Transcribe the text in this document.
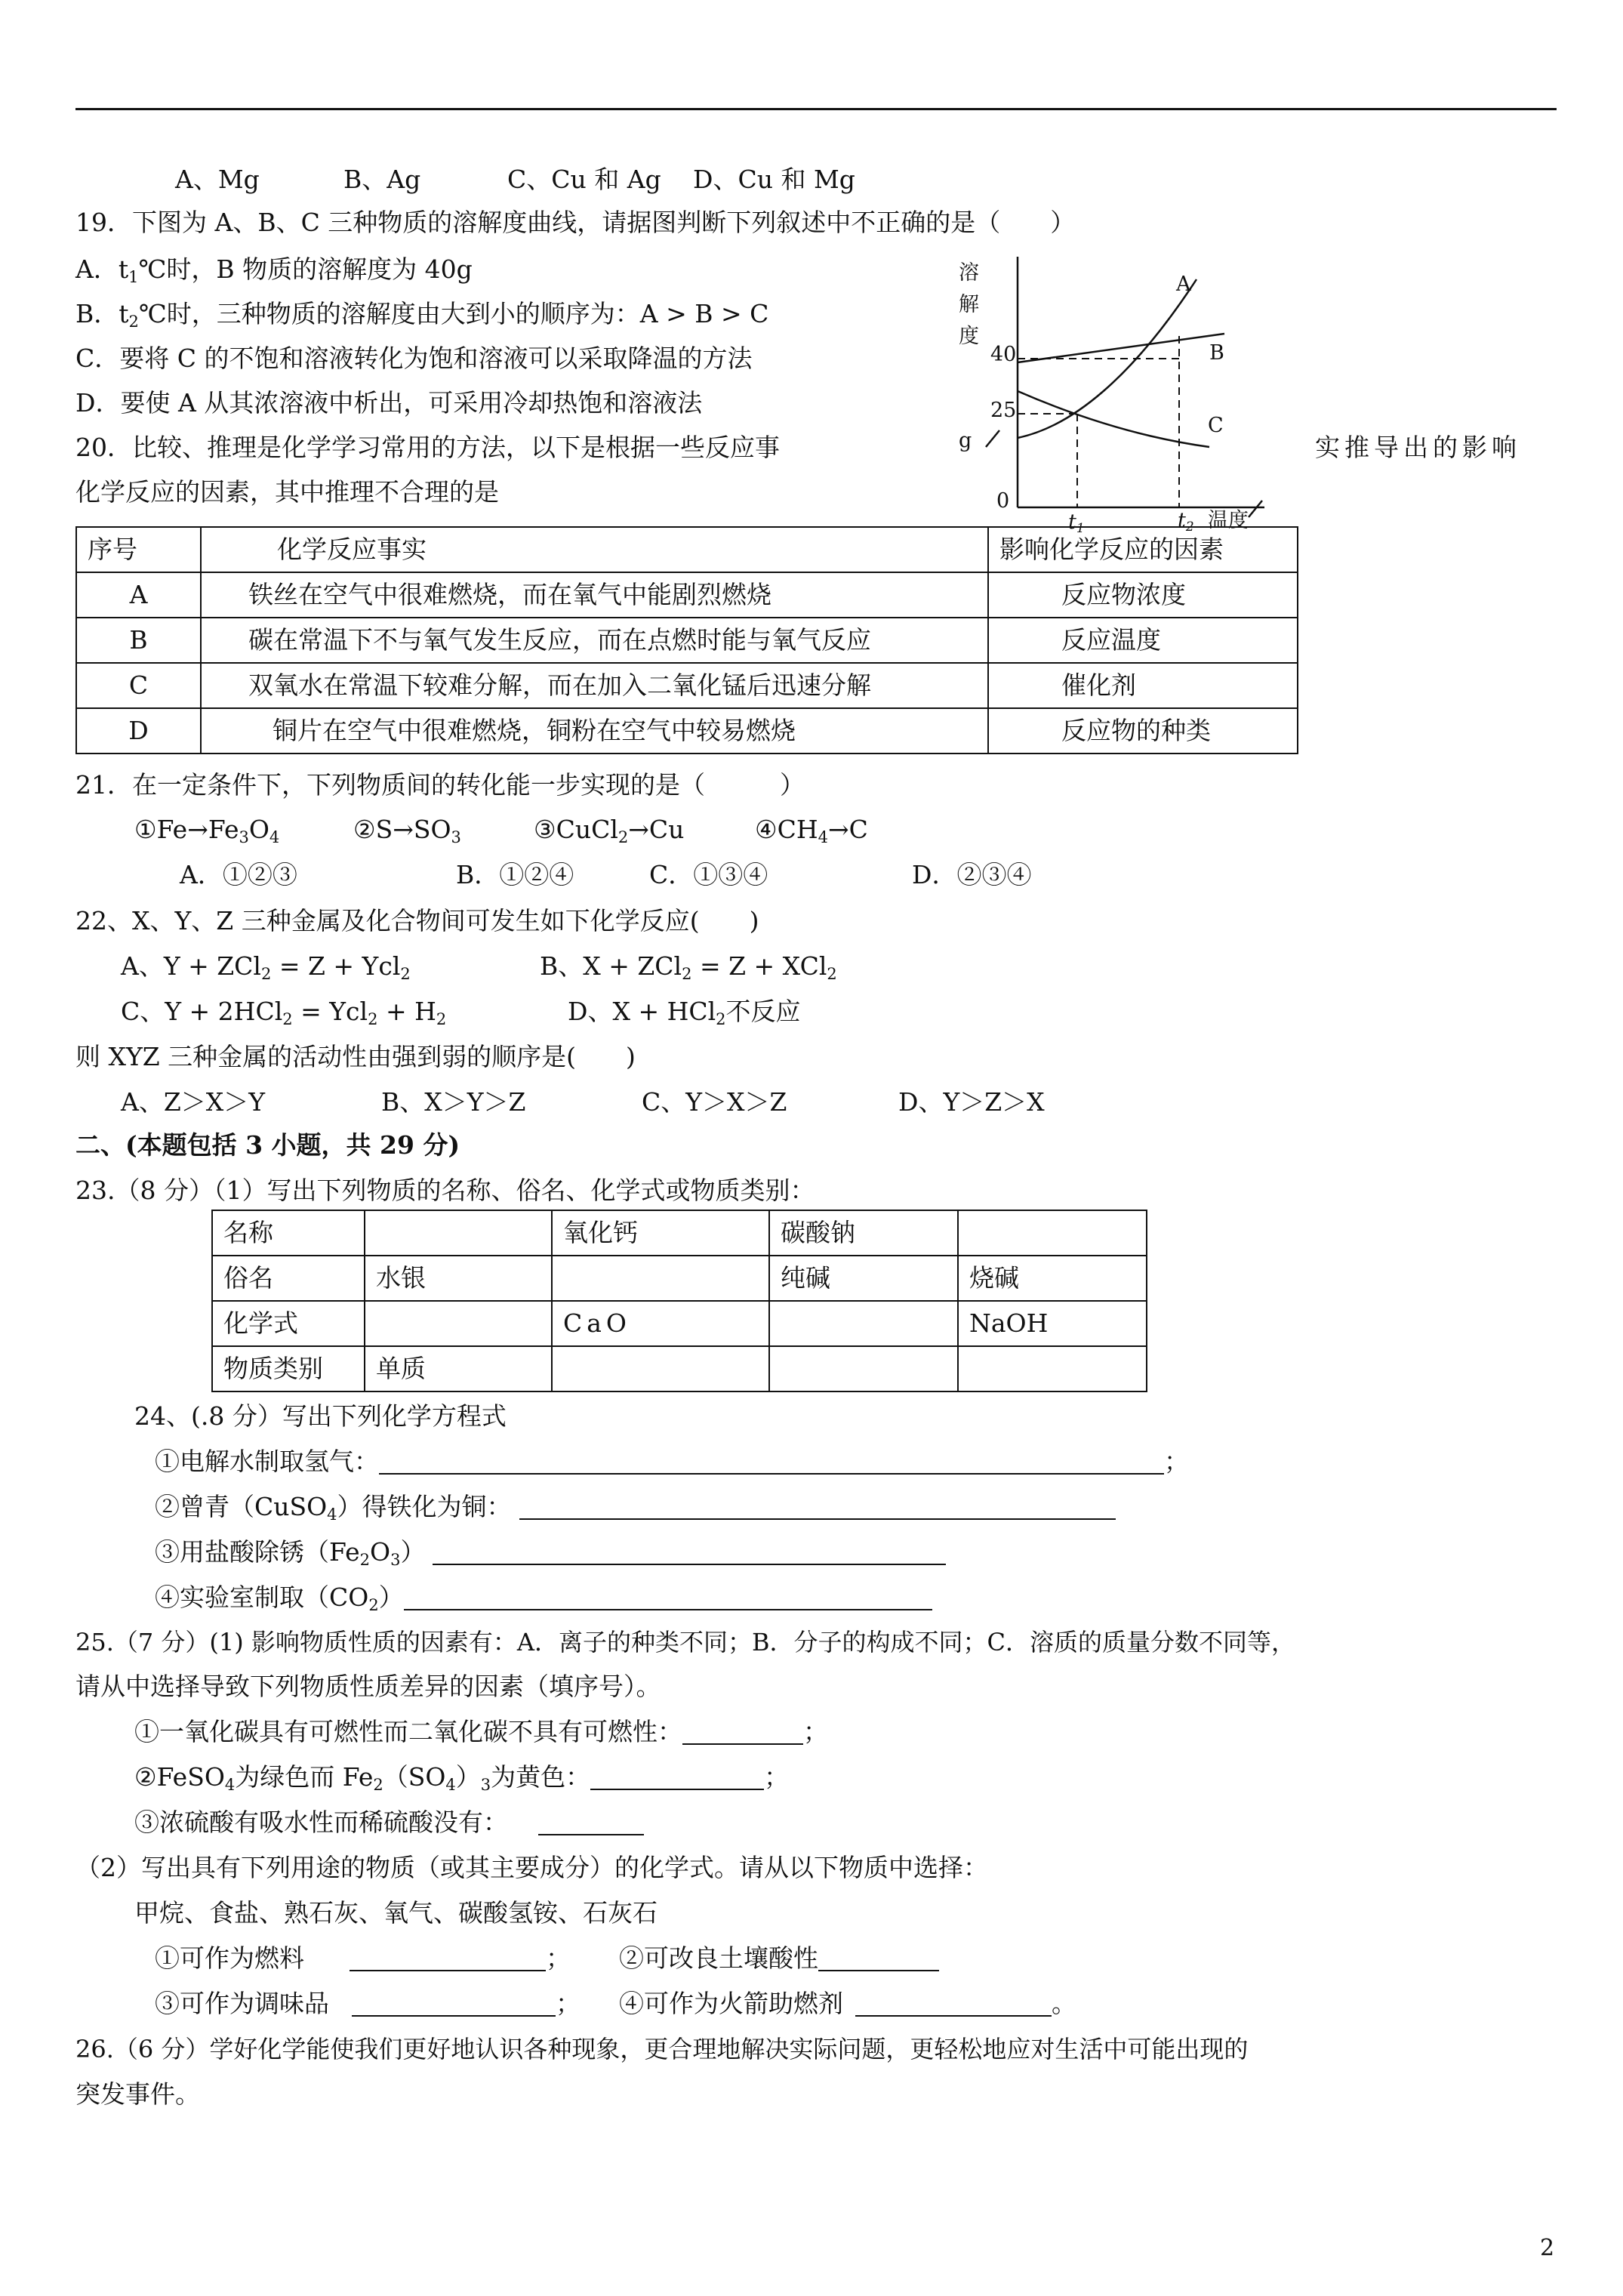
A、Mg	B、Ag	C、Cu 和 Ag D、Cu 和 Mg
19．下图为 A、B、C 三种物质的溶解度曲线，请据图判断下列叙述中不正确的是（　　）
A．$t_1℃$时，B 物质的溶解度为 40g
B．$t_2℃$时，三种物质的溶解度由大到小的顺序为：A > B > C
C．要将 C 的不饱和溶液转化为饱和溶液可以采取降温的方法
D．要使 A 从其浓溶液中析出，可采用冷却热饱和溶液法
溶
解
度
g
40
25
0
t1	t2 温度
A
B
C
20．比较、推理是化学学习常用的方法，以下是根据一些反应事	实推导出的影响
化学反应的因素，其中推理不合理的是
序号	化学反应事实	影响化学反应的因素
A	铁丝在空气中很难燃烧，而在氧气中能剧烈燃烧	反应物浓度
B	碳在常温下不与氧气发生反应，而在点燃时能与氧气反应	反应温度
C	双氧水在常温下较难分解，而在加入二氧化锰后迅速分解	催化剂
D	铜片在空气中很难燃烧，铜粉在空气中较易燃烧	反应物的种类
21．在一定条件下，下列物质间的转化能一步实现的是（　　　）
$①Fe\to Fe_3O_4$	$②S\to SO_3$	③CuCl$_2$→Cu	$④CH_4\to C$
A．①②③	B．①②④	C．①③④	D．②③④
22、X、Y、Z 三种金属及化合物间可发生如下化学反应(　　)
A、Y + ZCl$_2$ = Z + Ycl$_2$	B、X + ZCl$_2$ = Z + XCl$_2$
C、$Y + 2HCl_2 = Ycl_2 + H_2$	D、X + HCl$_2$不反应
则 XYZ 三种金属的活动性由强到弱的顺序是(　　)
A、Z＞X＞Y	B、X＞Y＞Z	C、Y＞X＞Z	D、Y＞Z＞X
二、(本题包括 3 小题，共 29 分)
23.（8 分）（1）写出下列物质的名称、俗名、化学式或物质类别：
名称		氧化钙	碳酸钠	
俗名	水银		纯碱	烧碱
化学式		CaO		NaOH
物质类别	单质			
24、(.8 分）写出下列化学方程式
①电解水制取氢气：	；
②曾青（CuSO$_4$）得铁化为铜：
③用盐酸除锈$(Fe_2O_3)$
④实验室制取$(CO_2)$
25.（7 分）(1) 影响物质性质的因素有：A．离子的种类不同；B．分子的构成不同；C．溶质的质量分数不同等，
请从中选择导致下列物质性质差异的因素（填序号）。
①一氧化碳具有可燃性而二氧化碳不具有可燃性：	；
②FeSO$_4$为绿色而 $Fe_2(SO_4)_3$为黄色：	；
③浓硫酸有吸水性而稀硫酸没有：
（2）写出具有下列用途的物质（或其主要成分）的化学式。请从以下物质中选择：
甲烷、食盐、熟石灰、氧气、碳酸氢铵、石灰石
①可作为燃料	； ②可改良土壤酸性
③可作为调味品	； ④可作为火箭助燃剂	。
26.（6 分）学好化学能使我们更好地认识各种现象，更合理地解决实际问题，更轻松地应对生活中可能出现的
突发事件。
2
